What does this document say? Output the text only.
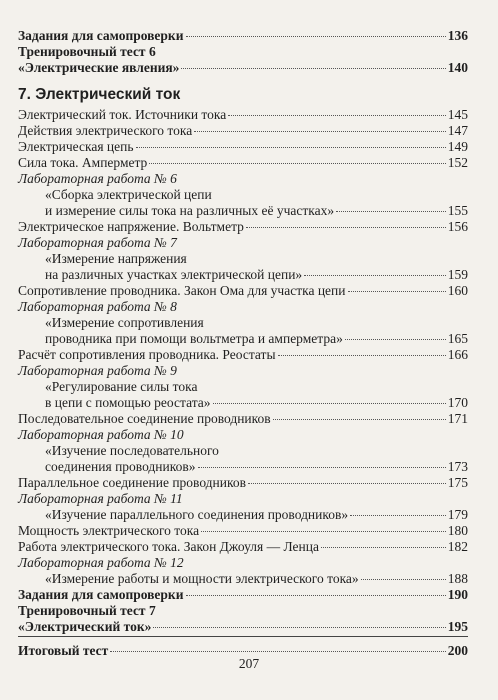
7. Электрический ток
Задания для самопроверки	136
Тренировочный тест 6
«Электрические явления»	140
Электрический ток. Источники тока	145
Действия электрического тока	147
Электрическая цепь	149
Сила тока. Амперметр	152
Лабораторная работа № 6
«Сборка электрической цепи
и измерение силы тока на различных её участках»	155
Электрическое напряжение. Вольтметр	156
Лабораторная работа № 7
«Измерение напряжения
на различных участках электрической цепи»	159
Сопротивление проводника. Закон Ома для участка цепи	160
Лабораторная работа № 8
«Измерение сопротивления
проводника при помощи вольтметра и амперметра»	165
Расчёт сопротивления проводника. Реостаты	166
Лабораторная работа № 9
«Регулирование силы тока
в цепи с помощью реостата»	170
Последовательное соединение проводников	171
Лабораторная работа № 10
«Изучение последовательного
соединения проводников»	173
Параллельное соединение проводников	175
Лабораторная работа № 11
«Изучение параллельного соединения проводников»	179
Мощность электрического тока	180
Работа электрического тока. Закон Джоуля — Ленца	182
Лабораторная работа № 12
«Измерение работы и мощности электрического тока»	188
Задания для самопроверки	190
Тренировочный тест 7
«Электрический ток»	195
Итоговый тест	200
207
